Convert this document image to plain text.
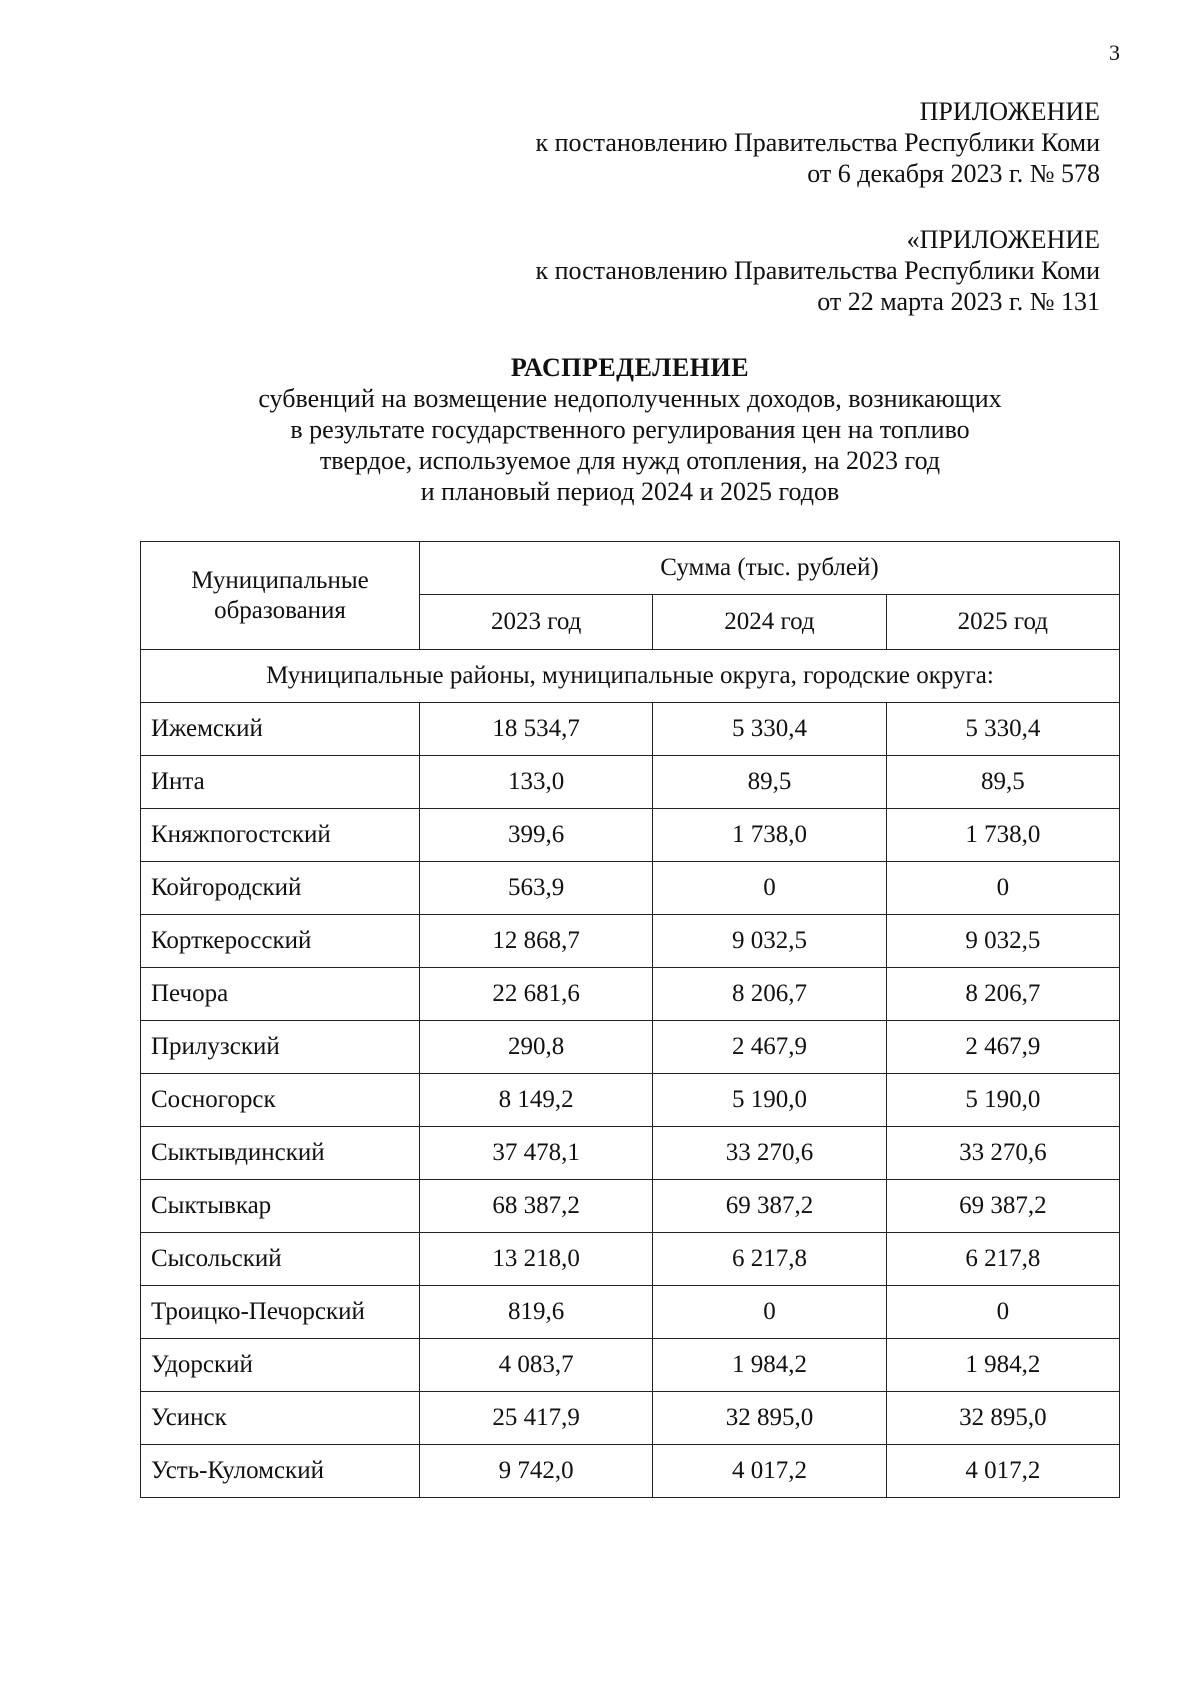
3
ПРИЛОЖЕНИЕ
к постановлению Правительства Республики Коми
от 6 декабря 2023 г. № 578
«ПРИЛОЖЕНИЕ
к постановлению Правительства Республики Коми
от 22 марта 2023 г. № 131
РАСПРЕДЕЛЕНИЕ
субвенций на возмещение недополученных доходов, возникающих
в результате государственного регулирования цен на топливо
твердое, используемое для нужд отопления, на 2023 год
и плановый период 2024 и 2025 годов
Муниципальные образования	Сумма (тыс. рублей)		
	2023 год	2024 год	2025 год
Муниципальные районы, муниципальные округа, городские округа:			
Ижемский	18 534,7	5 330,4	5 330,4
Инта	133,0	89,5	89,5
Княжпогостский	399,6	1 738,0	1 738,0
Койгородский	563,9	0	0
Корткеросский	12 868,7	9 032,5	9 032,5
Печора	22 681,6	8 206,7	8 206,7
Прилузский	290,8	2 467,9	2 467,9
Сосногорск	8 149,2	5 190,0	5 190,0
Сыктывдинский	37 478,1	33 270,6	33 270,6
Сыктывкар	68 387,2	69 387,2	69 387,2
Сысольский	13 218,0	6 217,8	6 217,8
Троицко-Печорский	819,6	0	0
Удорский	4 083,7	1 984,2	1 984,2
Усинск	25 417,9	32 895,0	32 895,0
Усть-Куломский	9 742,0	4 017,2	4 017,2
